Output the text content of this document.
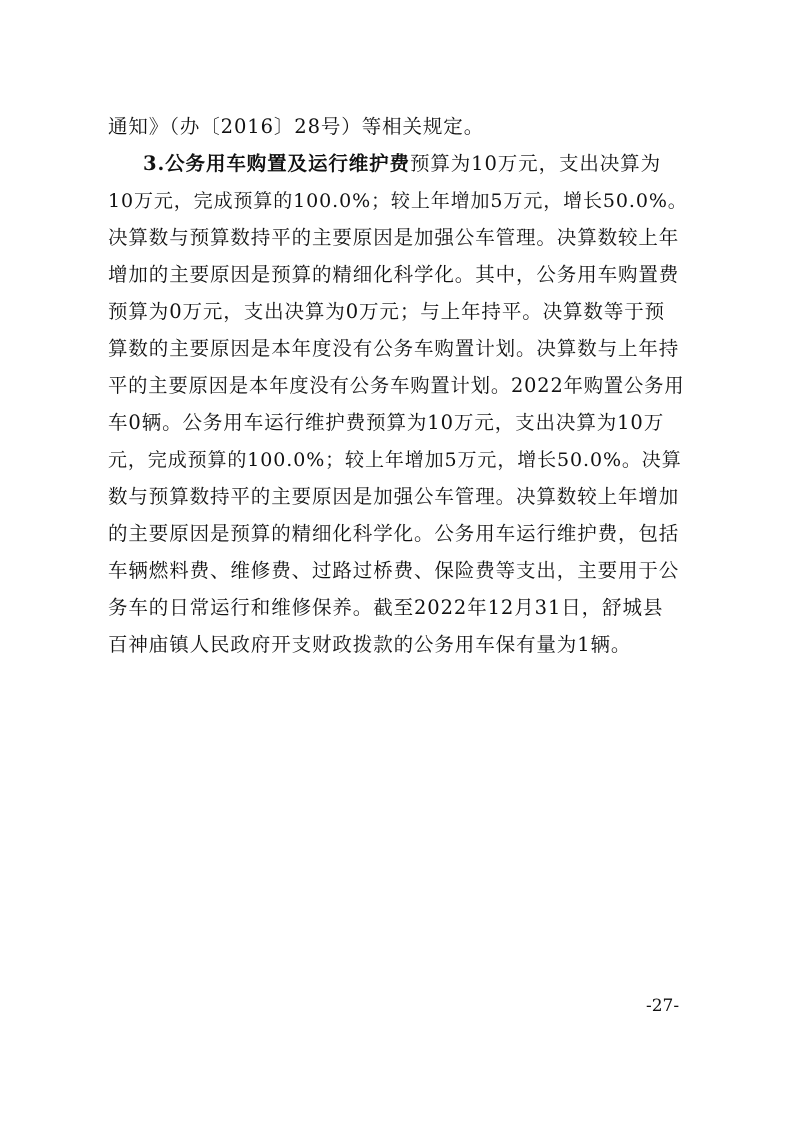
通知》（办〔2016〕28号）等相关规定。
3.公务用车购置及运行维护费预算为10万元，支出决算为
10万元，完成预算的100.0%；较上年增加5万元，增长50.0%。
决算数与预算数持平的主要原因是加强公车管理。决算数较上年
增加的主要原因是预算的精细化科学化。其中，公务用车购置费
预算为0万元，支出决算为0万元；与上年持平。决算数等于预
算数的主要原因是本年度没有公务车购置计划。决算数与上年持
平的主要原因是本年度没有公务车购置计划。2022年购置公务用
车0辆。公务用车运行维护费预算为10万元，支出决算为10万
元，完成预算的100.0%；较上年增加5万元，增长50.0%。决算
数与预算数持平的主要原因是加强公车管理。决算数较上年增加
的主要原因是预算的精细化科学化。公务用车运行维护费，包括
车辆燃料费、维修费、过路过桥费、保险费等支出，主要用于公
务车的日常运行和维修保养。截至2022年12月31日，舒城县
百神庙镇人民政府开支财政拨款的公务用车保有量为1辆。
-27-
